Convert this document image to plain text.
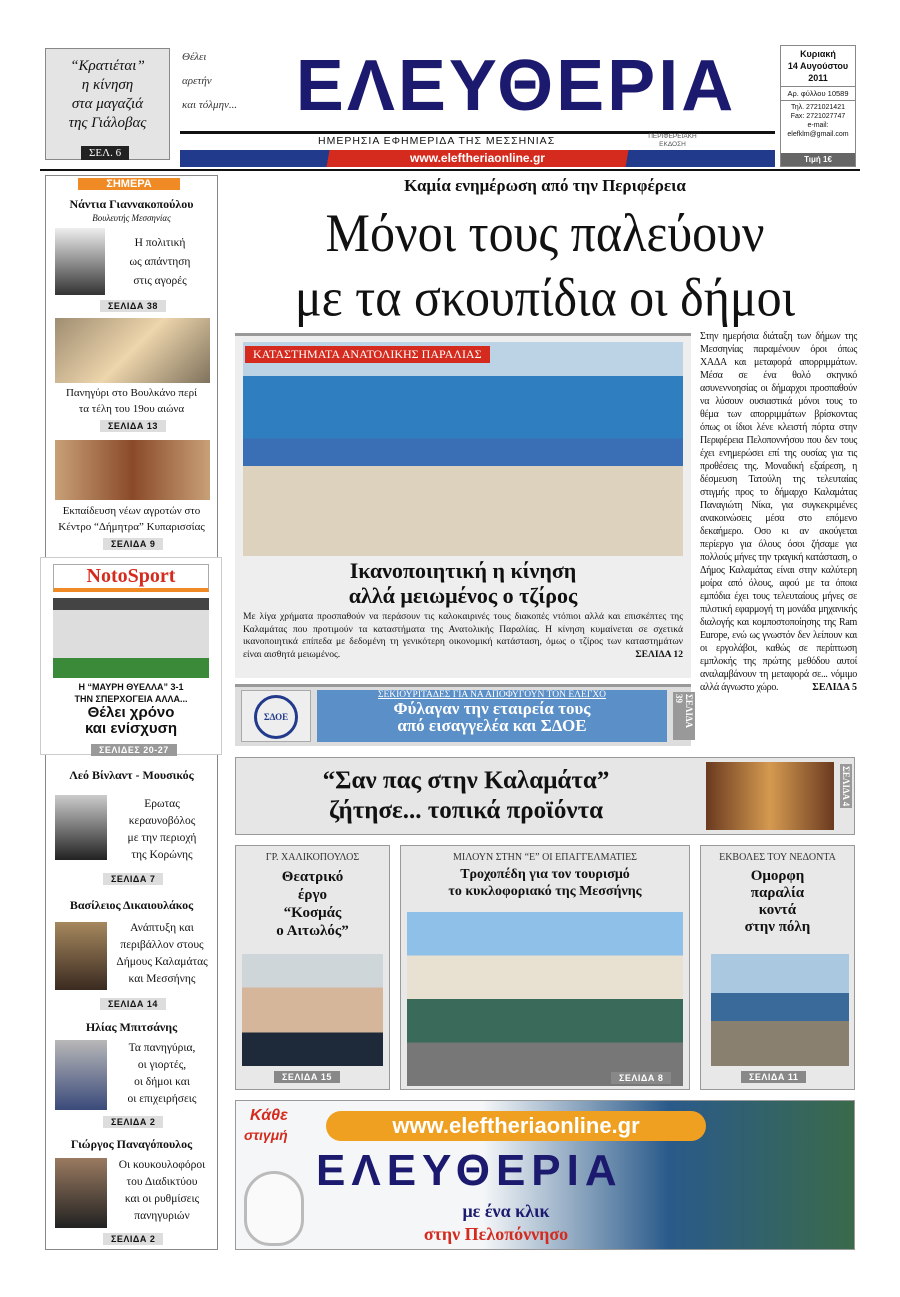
“Κρατιέται”
η κίνηση
στα μαγαζιά
της Γιάλοβας
ΣΕΛ. 6
Θέλει
αρετήν
και τόλμην... ΕΛΕΥΘΕΡΙΑ
ΗΜΕΡΗΣΙΑ ΕΦΗΜΕΡΙΔΑ ΤΗΣ ΜΕΣΣΗΝΙΑΣ	ΠΕΡΙΦΕΡΕΙΑΚΗ ΕΚΔΟΣΗ
www.eleftheriaonline.gr
Κυριακή
14 Αυγούστου
2011
Αρ. φύλλου 10589
Τηλ. 2721021421
Fax: 2721027747
e-mail:
elefklm@gmail.com
Τιμή 1€
ΣΗΜΕΡΑ
Νάντια Γιαννακοπούλου
Βουλευτής Μεσσηνίας
Η πολιτική
ως απάντηση
στις αγορές
ΣΕΛΙΔΑ 38
Πανηγύρι στο Βουλκάνο περί
τα τέλη του 19ου αιώνα
ΣΕΛΙΔΑ 13
Εκπαίδευση νέων αγροτών στο
Κέντρο “Δήμητρα” Κυπαρισσίας
ΣΕΛΙΔΑ 9
NotoSport
Η “ΜΑΥΡΗ ΘΥΕΛΛΑ” 3-1
ΤΗΝ ΣΠΕΡΧΟΓΕΙΑ ΑΛΛΑ...
Θέλει χρόνο
και ενίσχυση
ΣΕΛΙΔΕΣ 20-27
Λεό Βίνλαντ - Μουσικός
Ερωτας
κεραυνοβόλος
με την περιοχή
της Κορώνης
ΣΕΛΙΔΑ 7
Βασίλειος Δικαιουλάκος
Ανάπτυξη και
περιβάλλον στους
Δήμους Καλαμάτας
και Μεσσήνης
ΣΕΛΙΔΑ 14
Ηλίας Μπιτσάνης
Τα πανηγύρια,
οι γιορτές,
οι δήμοι και
οι επιχειρήσεις
ΣΕΛΙΔΑ 2
Γιώργος Παναγόπουλος
Οι κουκουλοφόροι
του Διαδικτύου
και οι ρυθμίσεις
πανηγυριών
ΣΕΛΙΔΑ 2
Καμία ενημέρωση από την Περιφέρεια
Μόνοι τους παλεύουν
με τα σκουπίδια οι δήμοι
Στην ημερήσια διάταξη των δήμων της Μεσσηνίας παραμένουν όροι όπως ΧΑΔΑ και μεταφορά απορριμμάτων. Μέσα σε ένα θολό σκηνικό ασυνεννοησίας οι δήμαρχοι προσπαθούν να λύσουν ουσιαστικά μόνοι τους το θέμα των απορριμμάτων βρίσκοντας όπως οι ίδιοι λένε κλειστή πόρτα στην Περιφέρεια Πελοποννήσου που δεν τους έχει ενημερώσει επί της ουσίας για τις προθέσεις της. Μοναδική εξαίρεση, η δέσμευση Τατούλη της τελευταίας στιγμής προς το δήμαρχο Καλαμάτας Παναγιώτη Νίκα, για συγκεκριμένες ανακοινώσεις μέσα στο επόμενο δεκαήμερο. Οσο κι αν ακούγεται περίεργο για όλους όσοι ζήσαμε για πολλούς μήνες την τραγική κατάσταση, ο Δήμος Καλαμάτας είναι στην καλύτερη μοίρα από όλους, αφού με τα όποια εμπόδια έχει τους τελευταίους μήνες σε πιλοτική εφαρμογή τη μονάδα μηχανικής διαλογής και κομποστοποίησης της Ram Europe, ενώ ως γνωστόν δεν λείπουν και οι εργολάβοι, καθώς σε περίπτωση εμπλοκής της πρώτης μεθόδου αυτοί αναλαμβάνουν τη μεταφορά σε... νόμιμο αλλά άγνωστο χώρο.	ΣΕΛΙΔΑ 5
ΚΑΤΑΣΤΗΜΑΤΑ ΑΝΑΤΟΛΙΚΗΣ ΠΑΡΑΛΙΑΣ
Ικανοποιητική η κίνηση
αλλά μειωμένος ο τζίρος
Με λίγα χρήματα προσπαθούν να περάσουν τις καλοκαιρινές τους διακοπές ντόπιοι αλλά και επισκέπτες της Καλαμάτας που προτιμούν τα καταστήματα της Ανατολικής Παραλίας. Η κίνηση κυμαίνεται σε σχετικά ικανοποιητικά επίπεδα με δεδομένη τη γενικότερη οικονομική κατάσταση, όμως ο τζίρος των καταστημάτων είναι αισθητά μειωμένος.	ΣΕΛΙΔΑ 12
ΣΔΟΕ
ΣΕΚΙΟΥΡΙΤΑΔΕΣ ΓΙΑ ΝΑ ΑΠΟΦΥΓΟΥΝ ΤΟΝ ΕΛΕΓΧΟ
Φύλαγαν την εταιρεία τους
από εισαγγελέα και ΣΔΟΕ	ΣΕΛΙΔΑ 39
“Σαν πας στην Καλαμάτα”
ζήτησε... τοπικά προϊόντα
ΣΕΛΙΔΑ 4
ΓΡ. ΧΑΛΙΚΟΠΟΥΛΟΣ
Θεατρικό
έργο
“Κοσμάς
ο Αιτωλός”
ΣΕΛΙΔΑ 15
ΜΙΛΟΥΝ ΣΤΗΝ “Ε” ΟΙ ΕΠΑΓΓΕΛΜΑΤΙΕΣ
Τροχοπέδη για τον τουρισμό
το κυκλοφοριακό της Μεσσήνης
ΣΕΛΙΔΑ 8
ΕΚΒΟΛΕΣ ΤΟΥ ΝΕΔΟΝΤΑ
Ομορφη
παραλία
κοντά
στην πόλη
ΣΕΛΙΔΑ 11
Κάθε
στιγμή	www.eleftheriaonline.gr
ΕΛΕΥΘΕΡΙΑ
με ένα κλικ
στην Πελοπόννησο
